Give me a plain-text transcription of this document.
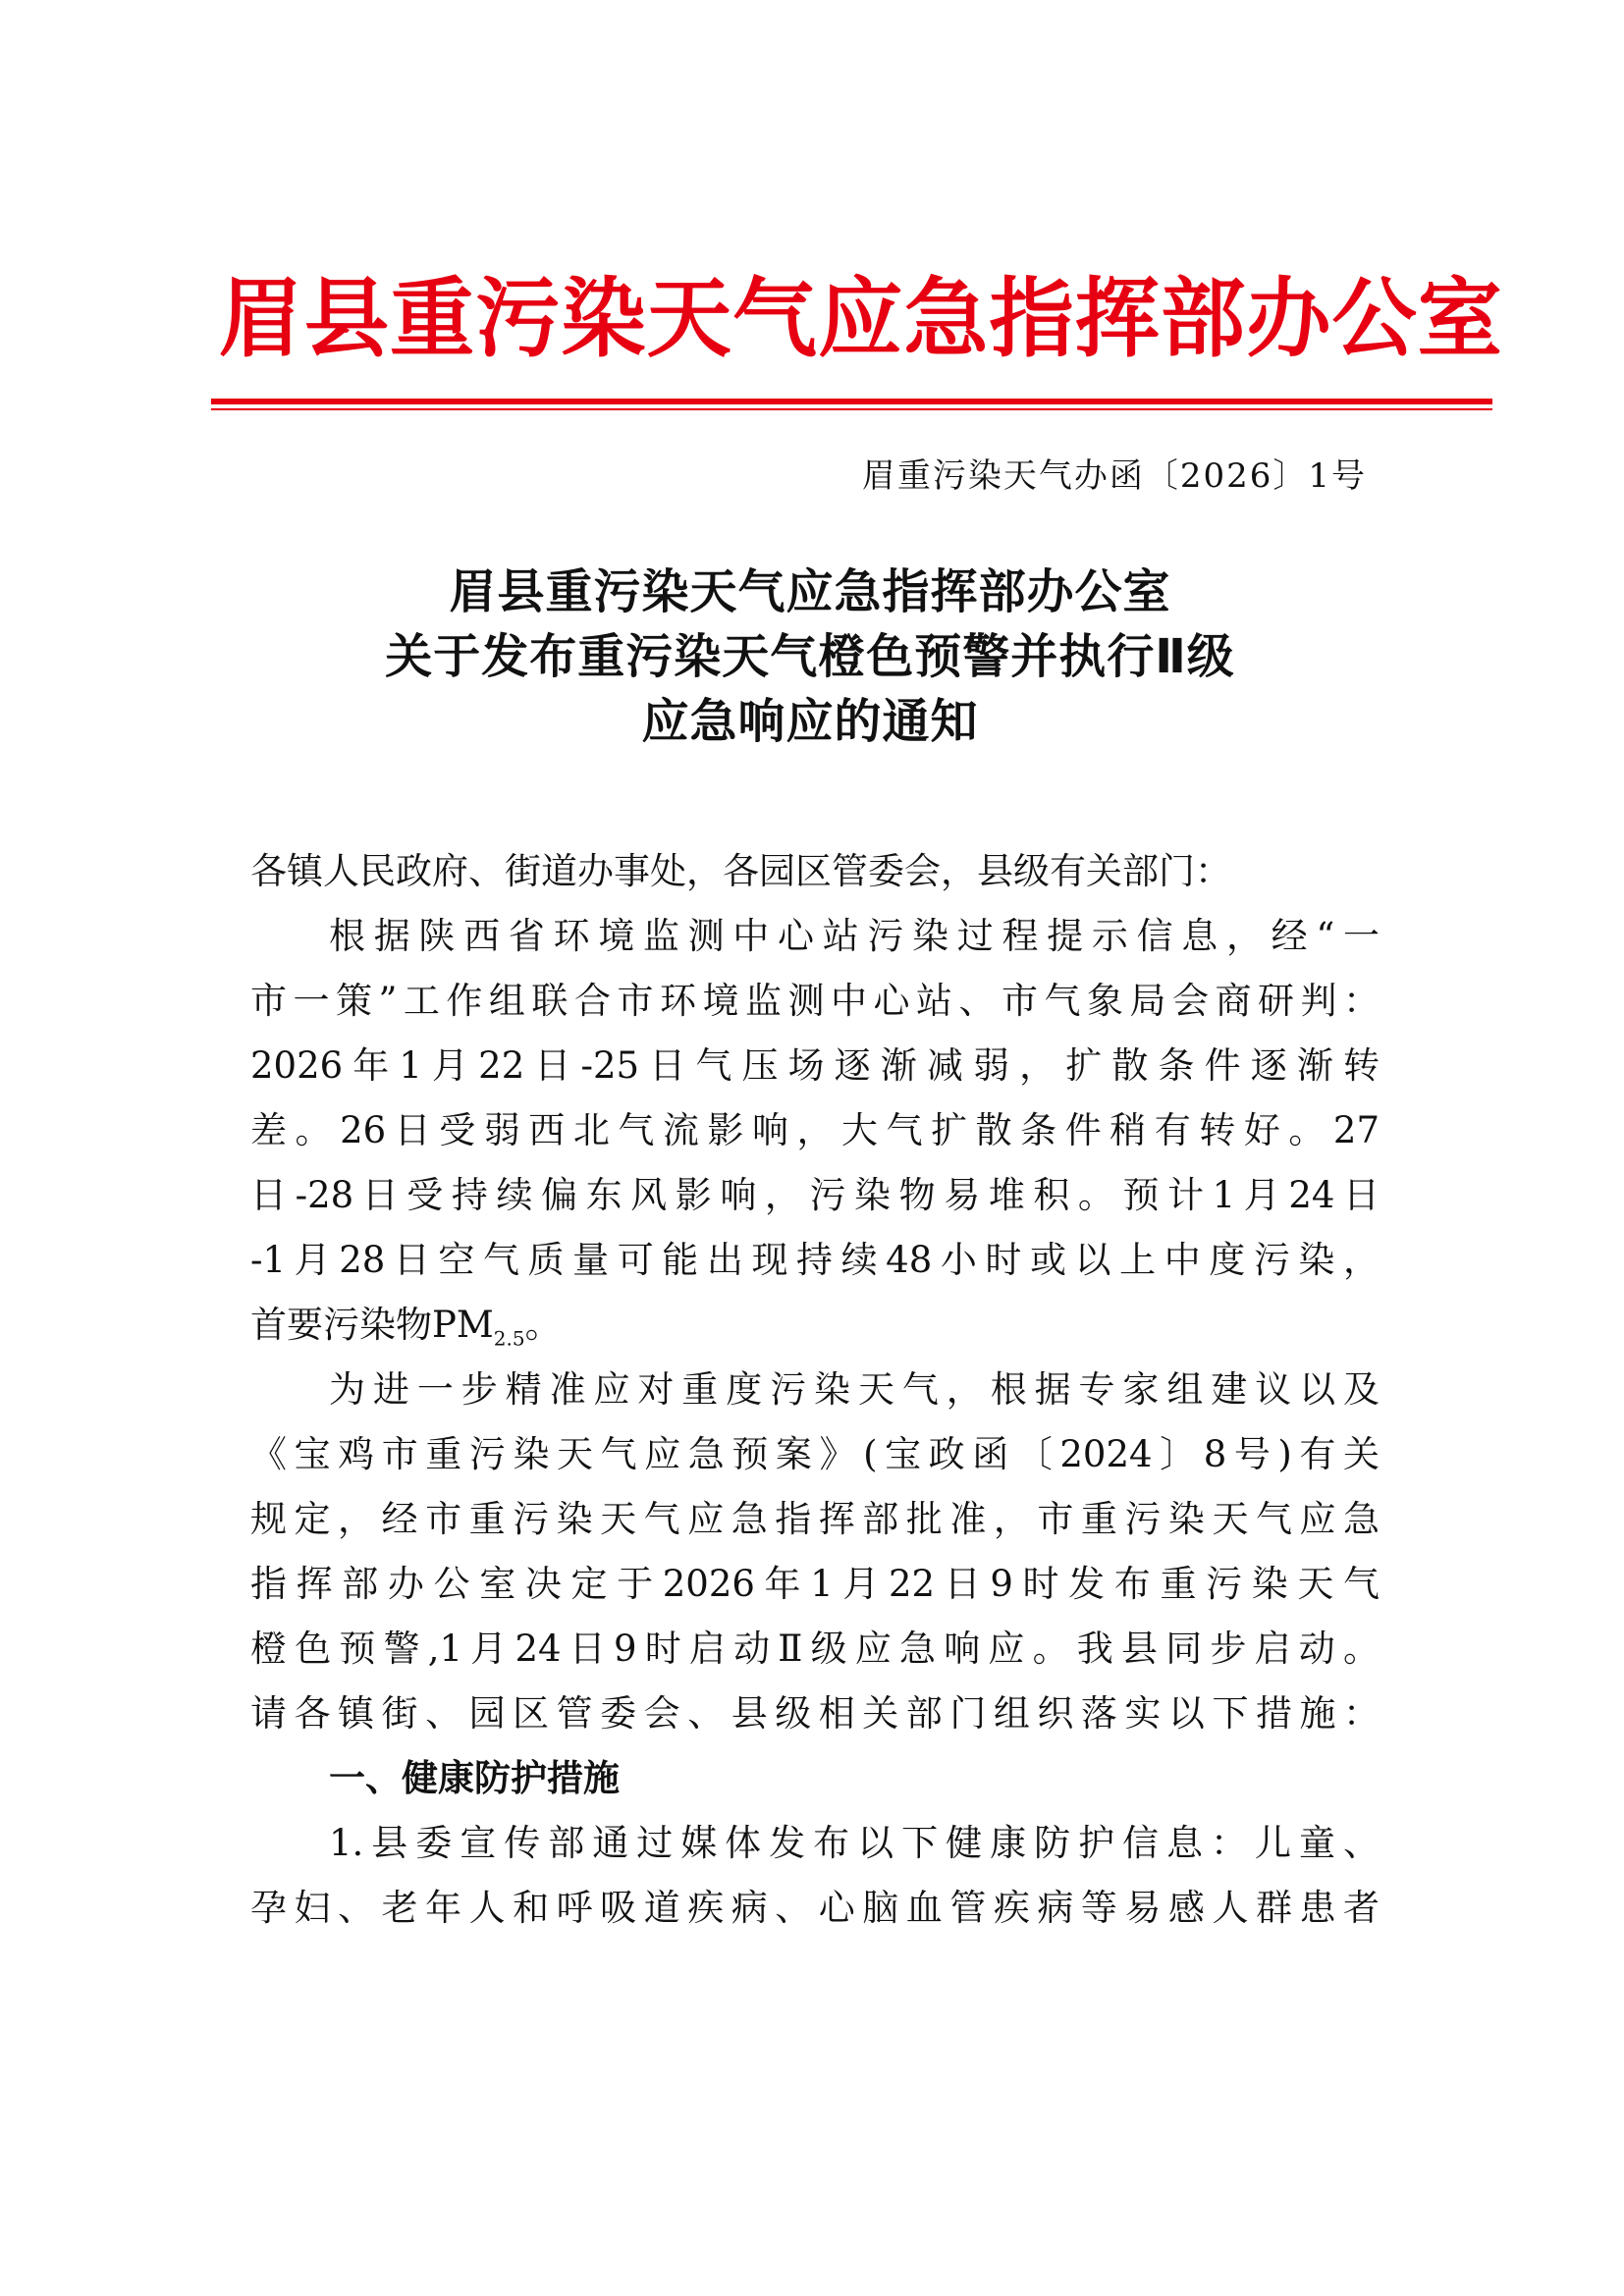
眉县重污染天气应急指挥部办公室
眉重污染天气办函〔2026〕1号
眉县重污染天气应急指挥部办公室
关于发布重污染天气橙色预警并执行Ⅱ级
应急响应的通知
各镇人民政府、街道办事处，各园区管委会，县级有关部门：
根据陕西省环境监测中心站污染过程提示信息，经“一
市一策”工作组联合市环境监测中心站、市气象局会商研判：
2026年1月22日-25日气压场逐渐减弱，扩散条件逐渐转
差。26日受弱西北气流影响，大气扩散条件稍有转好。27
日-28日受持续偏东风影响，污染物易堆积。预计1月24日
-1月28日空气质量可能出现持续48小时或以上中度污染，
首要污染物$PM_{2.5}$。
为进一步精准应对重度污染天气，根据专家组建议以及
《宝鸡市重污染天气应急预案》(宝政函〔2024〕8号)有关
规定，经市重污染天气应急指挥部批准，市重污染天气应急
指挥部办公室决定于2026年1月22日9时发布重污染天气
橙色预警,1月24日9时启动Ⅱ级应急响应。我县同步启动。
请各镇街、园区管委会、县级相关部门组织落实以下措施：
一、健康防护措施
1.县委宣传部通过媒体发布以下健康防护信息：儿童、
孕妇、老年人和呼吸道疾病、心脑血管疾病等易感人群患者
